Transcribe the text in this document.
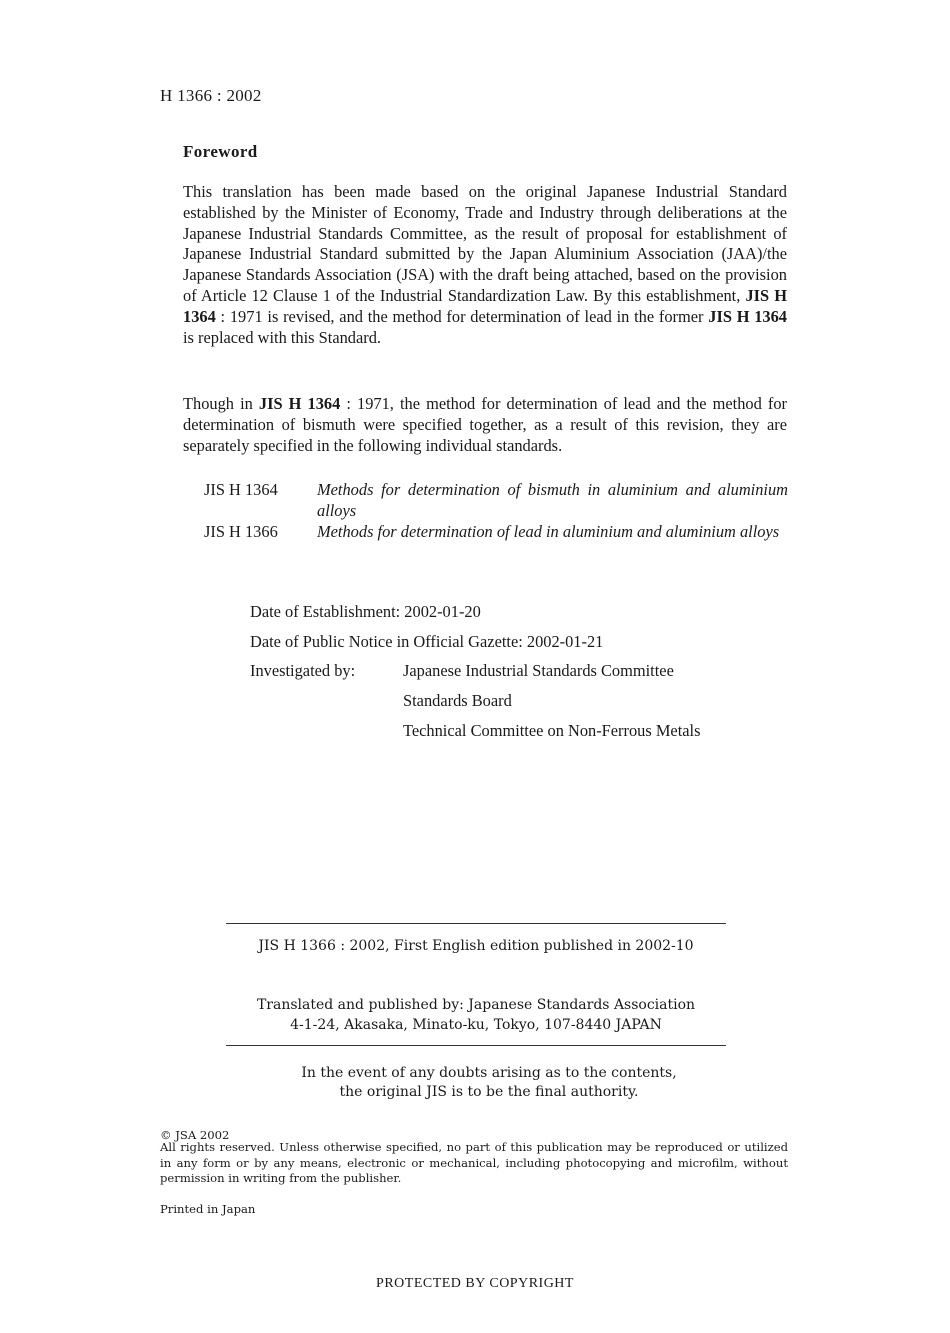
H 1366 : 2002
Foreword
This translation has been made based on the original Japanese Industrial Standard established by the Minister of Economy, Trade and Industry through deliberations at the Japanese Industrial Standards Committee, as the result of proposal for establishment of Japanese Industrial Standard submitted by the Japan Aluminium Association (JAA)/the Japanese Standards Association (JSA) with the draft being attached, based on the provision of Article 12 Clause 1 of the Industrial Standardization Law. By this establishment, JIS H 1364 : 1971 is revised, and the method for determination of lead in the former JIS H 1364 is replaced with this Standard.
Though in JIS H 1364 : 1971, the method for determination of lead and the method for determination of bismuth were specified together, as a result of this revision, they are separately specified in the following individual standards.
JIS H 1364	Methods for determination of bismuth in aluminium and aluminium alloys
JIS H 1366	Methods for determination of lead in aluminium and aluminium alloys
Date of Establishment: 2002-01-20
Date of Public Notice in Official Gazette: 2002-01-21
Investigated by:	Japanese Industrial Standards Committee
Standards Board
Technical Committee on Non-Ferrous Metals
JIS H 1366 : 2002, First English edition published in 2002-10
Translated and published by: Japanese Standards Association
4-1-24, Akasaka, Minato-ku, Tokyo, 107-8440 JAPAN
In the event of any doubts arising as to the contents,
the original JIS is to be the final authority.
© JSA 2002
All rights reserved. Unless otherwise specified, no part of this publication may be reproduced or utilized in any form or by any means, electronic or mechanical, including photocopying and microfilm, without permission in writing from the publisher.
Printed in Japan
PROTECTED BY COPYRIGHT
